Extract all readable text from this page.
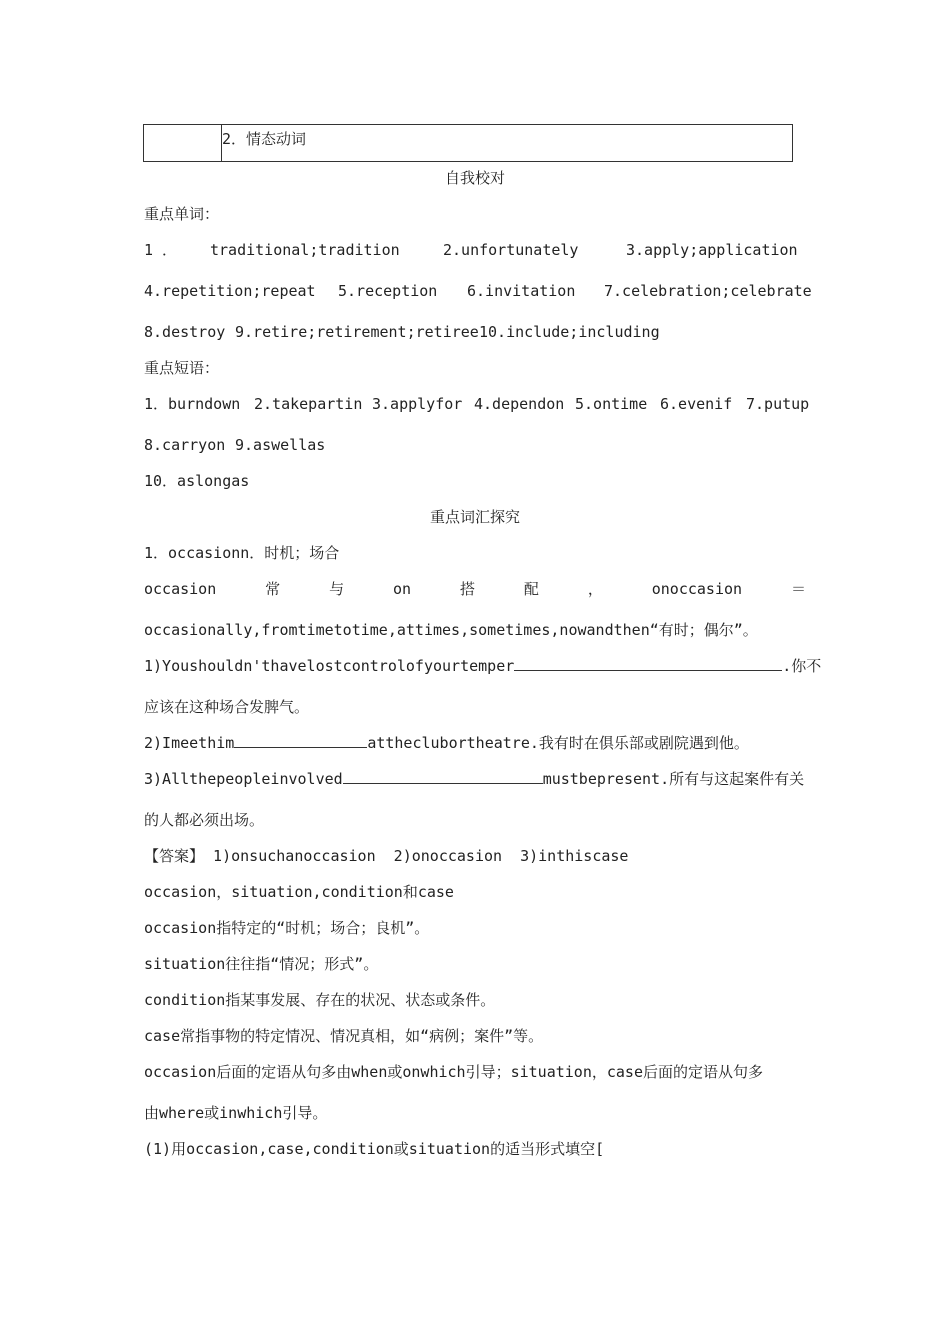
2．情态动词
自我校对
重点单词：
1 ． traditional;tradition	2.unfortunately	3.apply;application
4.repetition;repeat 5.reception 6.invitation 7.celebration;celebrate
8.destroy 9.retire;retirement;retiree 10.include;including
重点短语：
1．burndown 2.takepartin 3.applyfor 4.dependon 5.ontime 6.evenif 7.putup
8.carryon 9.aswellas
10．aslongas
重点词汇探究
1．occasionn．时机；场合
occasion	常	与	on	搭	配	，	onoccasion	＝
occasionally,fromtimetotime,attimes,sometimes,nowandthen“有时；偶尔”。
1)Youshouldn'thavelostcontrolofyourtemper	.你不
应该在这种场合发脾气。
2)Imeethim	attheclubortheatre.我有时在俱乐部或剧院遇到他。
3)Allthepeopleinvolved	mustbepresent.所有与这起案件有关
的人都必须出场。
【答案】 1)onsuchanoccasion  2)onoccasion  3)inthiscase
occasion，situation,condition和case
occasion指特定的“时机；场合；良机”。
situation往往指“情况；形式”。
condition指某事发展、存在的状况、状态或条件。
case常指事物的特定情况、情况真相，如“病例；案件”等。
occasion后面的定语从句多由when或onwhich引导；situation，case后面的定语从句多
由where或inwhich引导。
(1)用occasion,case,condition或situation的适当形式填空[
